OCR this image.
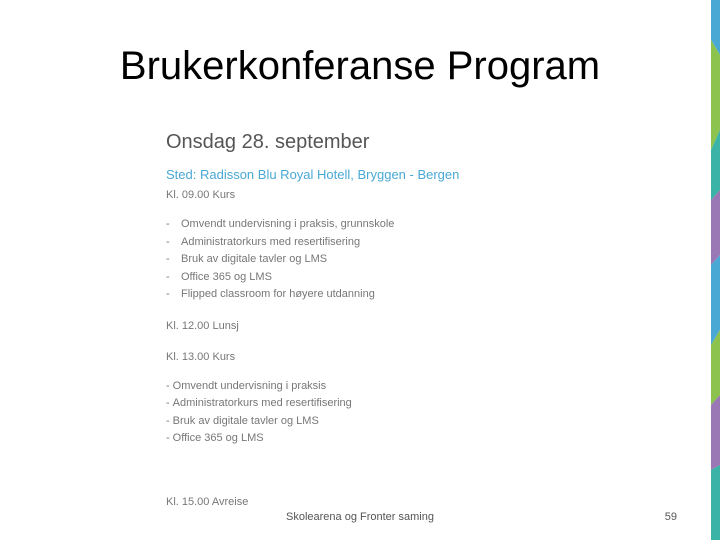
Brukerkonferanse Program
Onsdag 28. september
Sted: Radisson Blu Royal Hotell, Bryggen - Bergen
Kl. 09.00 Kurs
- Omvendt undervisning i praksis, grunnskole
- Administratorkurs med resertifisering
- Bruk av digitale tavler og LMS
- Office 365 og LMS
- Flipped classroom for høyere utdanning
Kl. 12.00 Lunsj
Kl. 13.00 Kurs
- Omvendt undervisning i praksis
- Administratorkurs med resertifisering
- Bruk av digitale tavler og LMS
- Office 365 og LMS
Kl. 15.00 Avreise
Skolearena og Fronter saming	59
